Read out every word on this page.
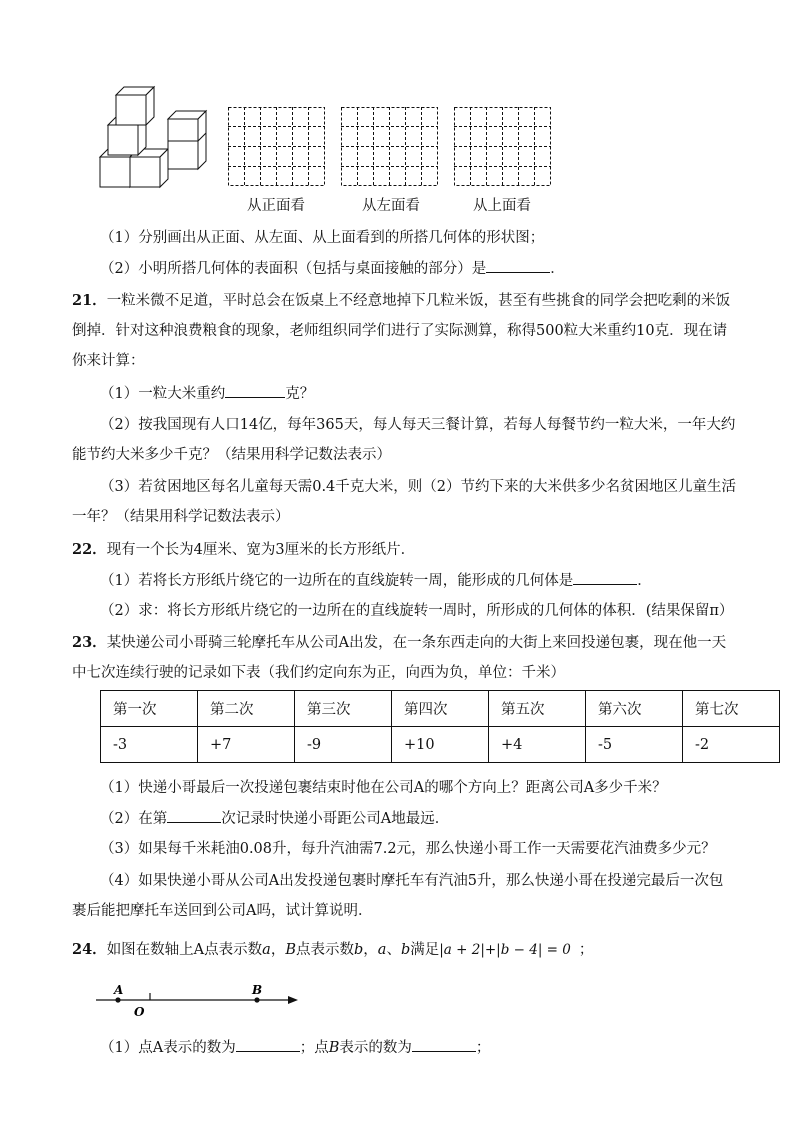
从正面看	从左面看	从上面看
（1）分别画出从正面、从左面、从上面看到的所搭几何体的形状图；
（2）小明所搭几何体的表面积（包括与桌面接触的部分）是	．
21．一粒米微不足道，平时总会在饭桌上不经意地掉下几粒米饭，甚至有些挑食的同学会把吃剩的米饭
倒掉．针对这种浪费粮食的现象，老师组织同学们进行了实际测算，称得500粒大米重约10克．现在请
你来计算：
（1）一粒大米重约	克？
（2）按我国现有人口14亿，每年365天，每人每天三餐计算，若每人每餐节约一粒大米，一年大约
能节约大米多少千克？（结果用科学记数法表示）
（3）若贫困地区每名儿童每天需0.4千克大米，则（2）节约下来的大米供多少名贫困地区儿童生活
一年？（结果用科学记数法表示）
22．现有一个长为4厘米、宽为3厘米的长方形纸片．
（1）若将长方形纸片绕它的一边所在的直线旋转一周，能形成的几何体是	．
（2）求：将长方形纸片绕它的一边所在的直线旋转一周时，所形成的几何体的体积．(结果保留π）
23．某快递公司小哥骑三轮摩托车从公司A出发，在一条东西走向的大街上来回投递包裹，现在他一天
中七次连续行驶的记录如下表（我们约定向东为正，向西为负，单位：千米）
第一次	第二次	第三次	第四次	第五次	第六次	第七次
-3	+7	-9	+10	+4	-5	-2
（1）快递小哥最后一次投递包裹结束时他在公司A的哪个方向上？距离公司A多少千米？
（2）在第	次记录时快递小哥距公司A地最远．
（3）如果每千米耗油0.08升，每升汽油需7.2元，那么快递小哥工作一天需要花汽油费多少元？
（4）如果快递小哥从公司A出发投递包裹时摩托车有汽油5升，那么快递小哥在投递完最后一次包
裹后能把摩托车送回到公司A吗，试计算说明．
24．如图在数轴上A点表示数a，B点表示数b，a、b满足|a + 2|+|b − 4| = 0 ；
A
O
B
（1）点A表示的数为	；点B表示的数为	；
